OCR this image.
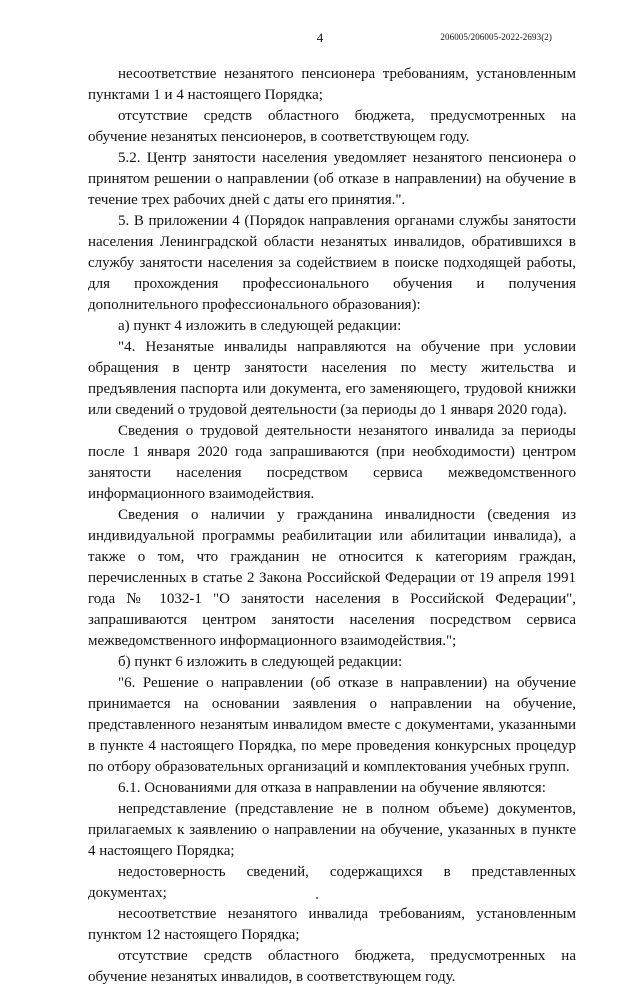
4	206005/206005-2022-2693(2)

несоответствие незанятого пенсионера требованиям, установленным пунктами 1 и 4 настоящего Порядка;

отсутствие средств областного бюджета, предусмотренных на обучение незанятых пенсионеров, в соответствующем году.

5.2. Центр занятости населения уведомляет незанятого пенсионера о принятом решении о направлении (об отказе в направлении) на обучение в течение трех рабочих дней с даты его принятия.".

5. В приложении 4 (Порядок направления органами службы занятости населения Ленинградской области незанятых инвалидов, обратившихся в службу занятости населения за содействием в поиске подходящей работы, для прохождения профессионального обучения и получения дополнительного профессионального образования):

а) пункт 4 изложить в следующей редакции:

"4. Незанятые инвалиды направляются на обучение при условии обращения в центр занятости населения по месту жительства и предъявления паспорта или документа, его заменяющего, трудовой книжки или сведений о трудовой деятельности (за периоды до 1 января 2020 года).

Сведения о трудовой деятельности незанятого инвалида за периоды после 1 января 2020 года запрашиваются (при необходимости) центром занятости населения посредством сервиса межведомственного информационного взаимодействия.

Сведения о наличии у гражданина инвалидности (сведения из индивидуальной программы реабилитации или абилитации инвалида), а также о том, что гражданин не относится к категориям граждан, перечисленных в статье 2 Закона Российской Федерации от 19 апреля 1991 года № 1032-1 "О занятости населения в Российской Федерации", запрашиваются центром занятости населения посредством сервиса межведомственного информационного взаимодействия.";

б) пункт 6 изложить в следующей редакции:

"6. Решение о направлении (об отказе в направлении) на обучение принимается на основании заявления о направлении на обучение, представленного незанятым инвалидом вместе с документами, указанными в пункте 4 настоящего Порядка, по мере проведения конкурсных процедур по отбору образовательных организаций и комплектования учебных групп.

6.1. Основаниями для отказа в направлении на обучение являются:

непредставление (представление не в полном объеме) документов, прилагаемых к заявлению о направлении на обучение, указанных в пункте 4 настоящего Порядка;

недостоверность сведений, содержащихся в представленных документах;

несоответствие незанятого инвалида требованиям, установленным пунктом 12 настоящего Порядка;

отсутствие средств областного бюджета, предусмотренных на обучение незанятых инвалидов, в соответствующем году.
